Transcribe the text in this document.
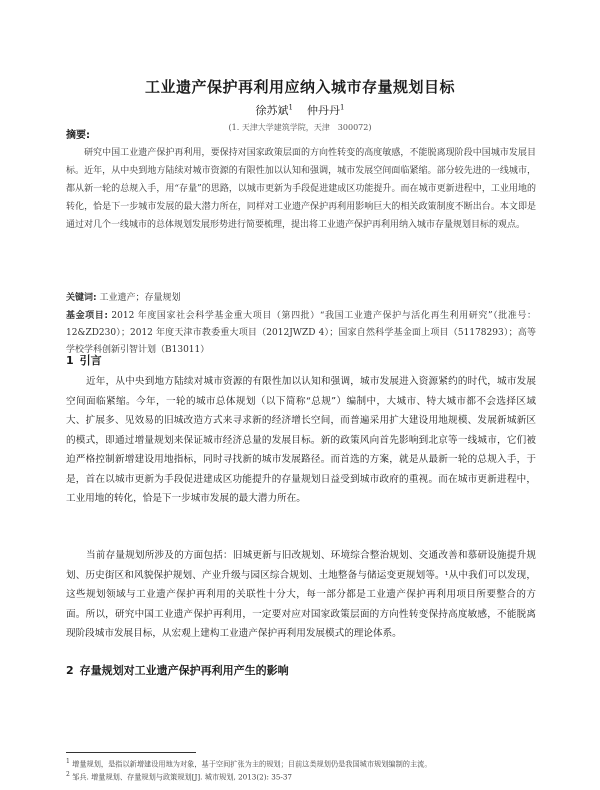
工业遗产保护再利用应纳入城市存量规划目标
徐苏斌$^1$ 仲丹丹$^1$
(1. 天津大学建筑学院，天津　300072)
摘要:
研究中国工业遗产保护再利用，要保持对国家政策层面的方向性转变的高度敏感，不能脱离现阶段中国城市发展目标。近年，从中央到地方陆续对城市资源的有限性加以认知和强调，城市发展空间面临紧缩。部分较先进的一线城市，都从新一轮的总规入手，用“存量”的思路，以城市更新为手段促进建成区功能提升。而在城市更新进程中，工业用地的转化，恰是下一步城市发展的最大潜力所在，同样对工业遗产保护再利用影响巨大的相关政策制度不断出台。本文即是通过对几个一线城市的总体规划发展形势进行简要梳理，提出将工业遗产保护再利用纳入城市存量规划目标的观点。
关键词: 工业遗产；存量规划
基金项目: 2012 年度国家社会科学基金重大项目（第四批）“我国工业遗产保护与活化再生利用研究”（批准号：12&ZD230）；2012 年度天津市教委重大项目（2012JWZD 4）；国家自然科学基金面上项目（51178293）；高等学校学科创新引智计划（B13011）
1 引言
近年，从中央到地方陆续对城市资源的有限性加以认知和强调，城市发展进入资源紧约的时代，城市发展空间面临紧缩。今年，一轮的城市总体规划（以下简称“总规”）编制中，大城市、特大城市都不会选择区域大、扩展多、见效易的旧城改造方式来寻求新的经济增长空间，而普遍采用扩大建设用地规模、发展新城新区的模式，即通过增量规划来保证城市经济总量的发展目标。新的政策风向首先影响到北京等一线城市，它们被迫严格控制新增建设用地指标，同时寻找新的城市发展路径。而首选的方案，就是从最新一轮的总规入手，于是，首在以城市更新为手段促进建成区功能提升的存量规划日益受到城市政府的重视。而在城市更新进程中，工业用地的转化，恰是下一步城市发展的最大潜力所在。
当前存量规划所涉及的方面包括：旧城更新与旧改规划、环境综合整治规划、交通改善和慕研设施提升规划、历史街区和风貌保护规划、产业升级与园区综合规划、土地整备与储运变更规划等。¹从中我们可以发现，这些规划领域与工业遗产保护再利用的关联性十分大，每一部分都是工业遗产保护再利用项目所要整合的方面。所以，研究中国工业遗产保护再利用，一定要对应对国家政策层面的方向性转变保持高度敏感，不能脱离现阶段城市发展目标，从宏观上建构工业遗产保护再利用发展模式的理论体系。
2 存量规划对工业遗产保护再利用产生的影响
$^1$ 增量规划，是指以新增建设用地为对象，基于空间扩张为主的规划；目前这类规划仍是我国城市规划编制的主流。
$^2$ 邹兵. 增量规划、存量规划与政策规划[J]. 城市规划, 2013(2): 35-37
